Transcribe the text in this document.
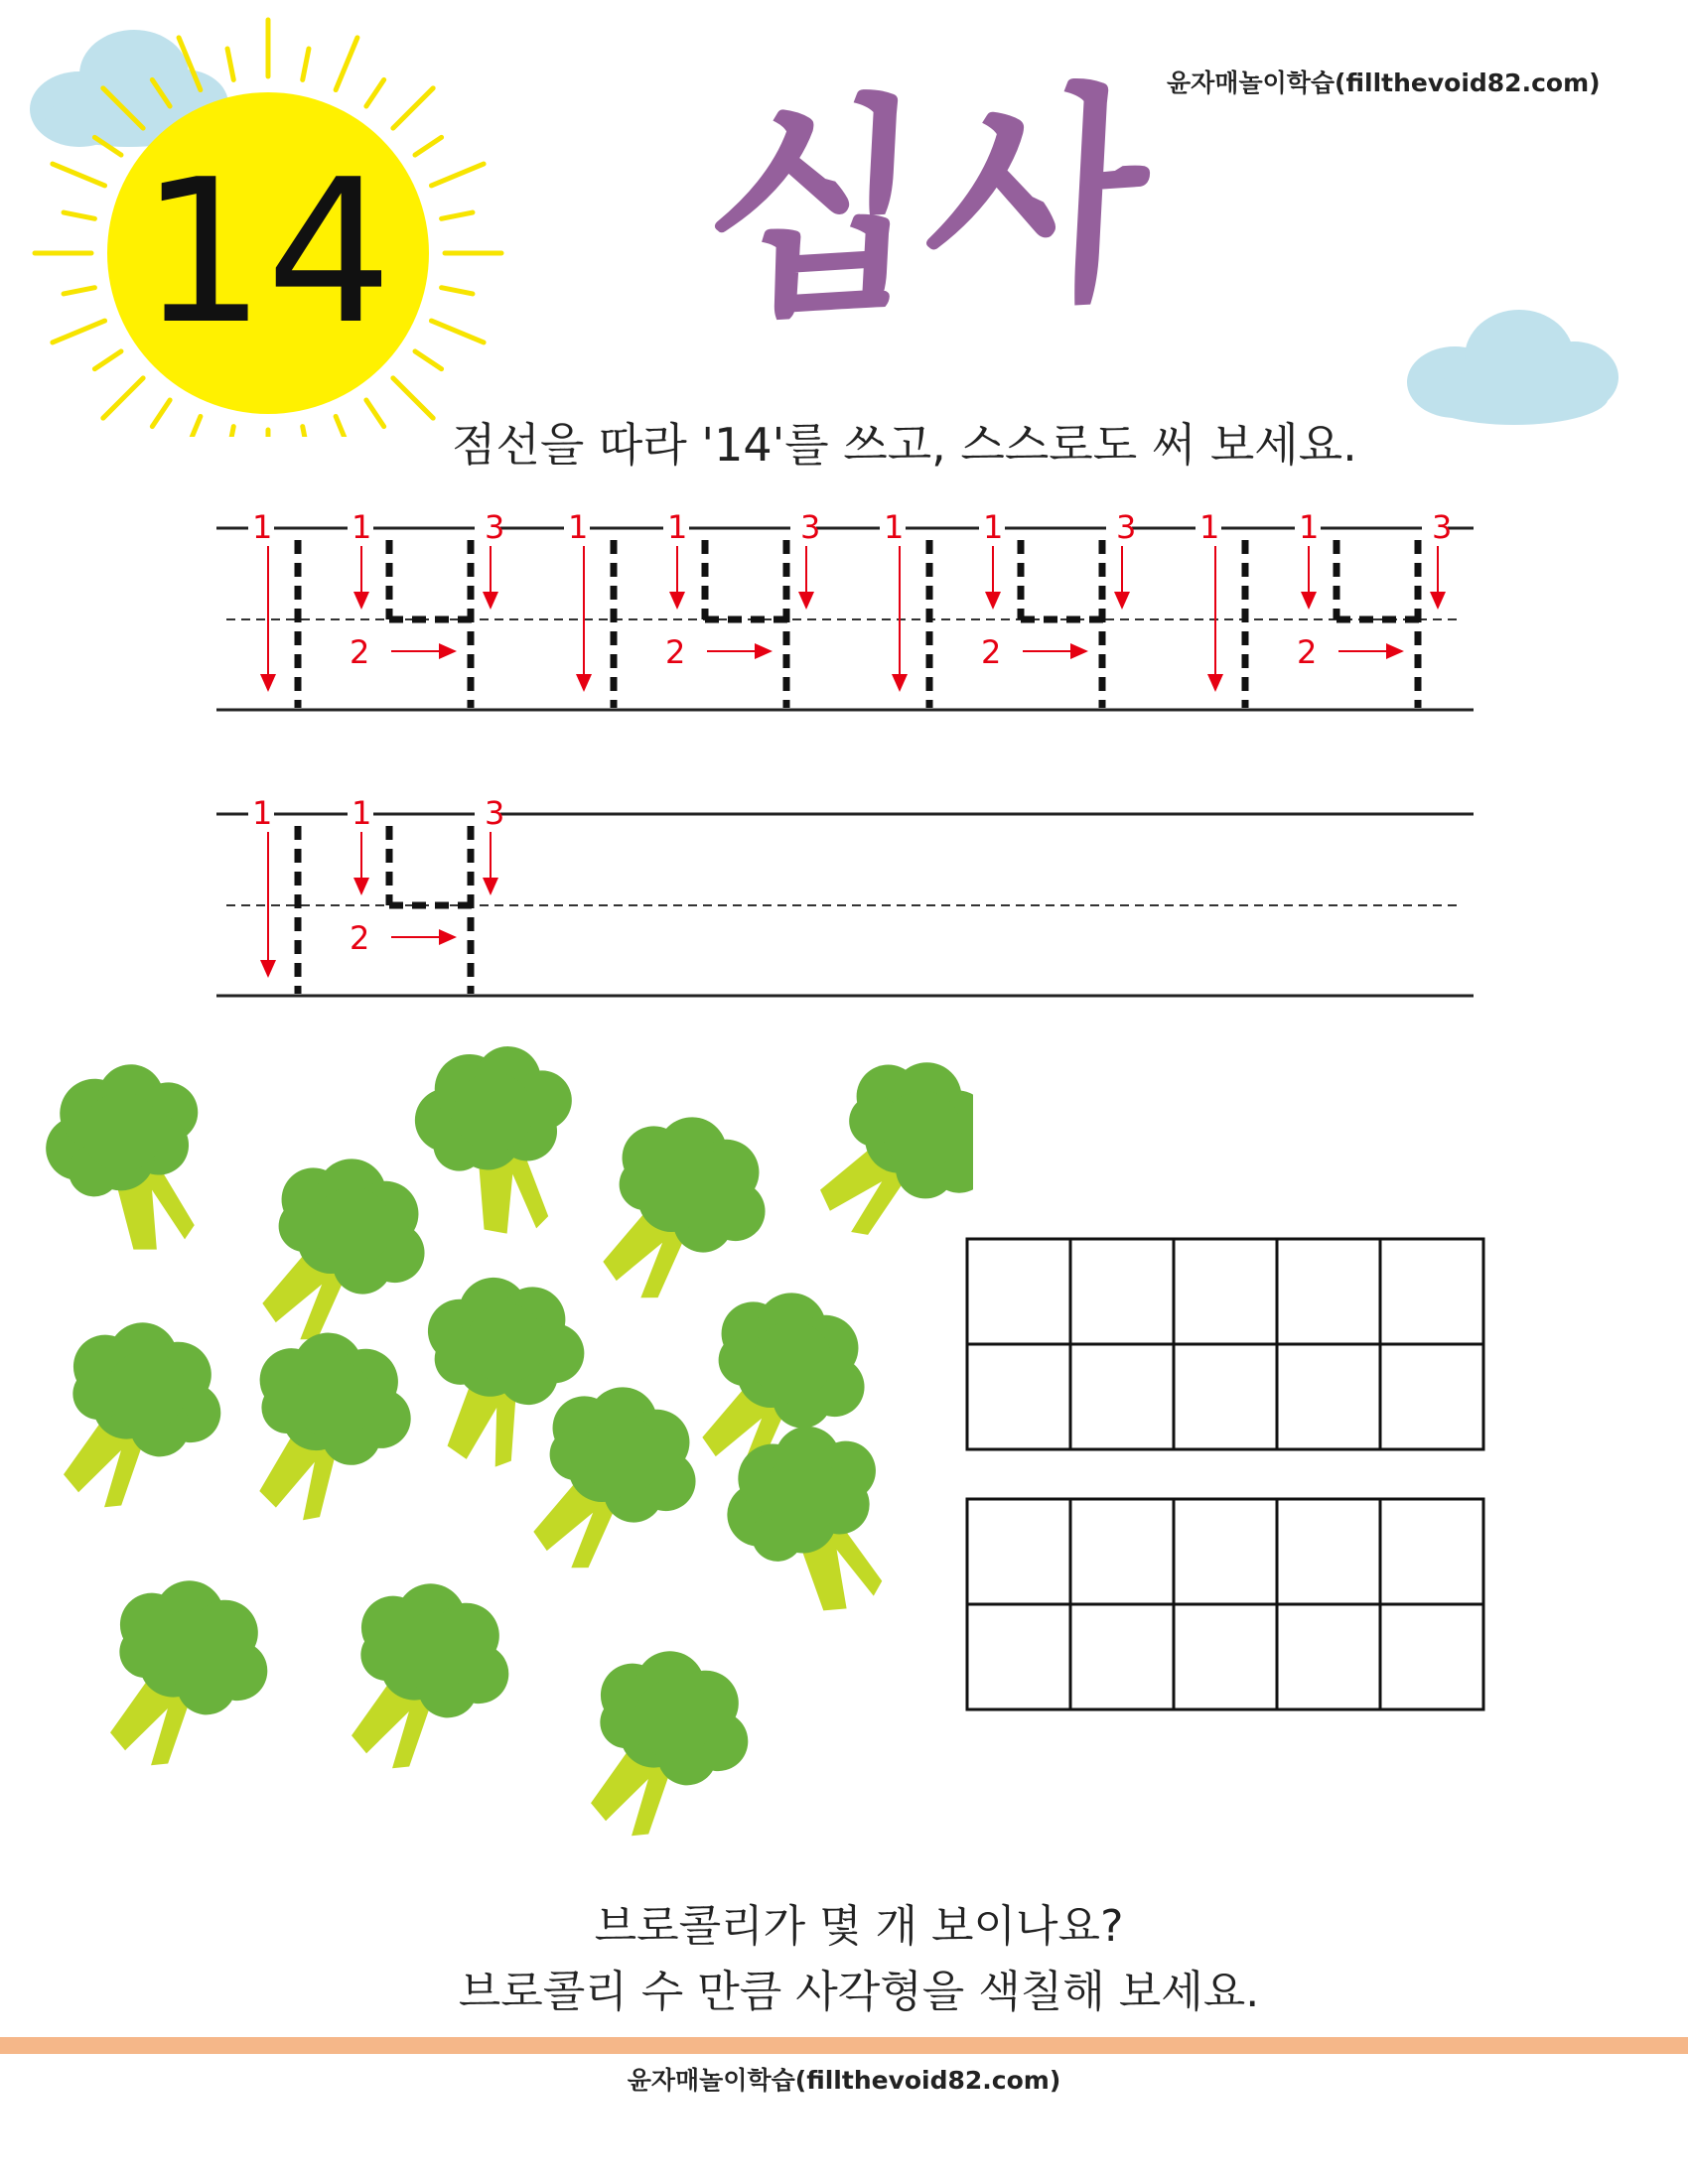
14
윤자매놀이학습(fillthevoid82.com)
십사
점선을 따라 '14'를 쓰고, 스스로도 써 보세요.
1 1
2
3 1 1
2
3 1 1
2
3 1 1
2
3
1 1
2
3
브로콜리가 몇 개 보이나요?
브로콜리 수 만큼 사각형을 색칠해 보세요.
윤자매놀이학습(fillthevoid82.com)
